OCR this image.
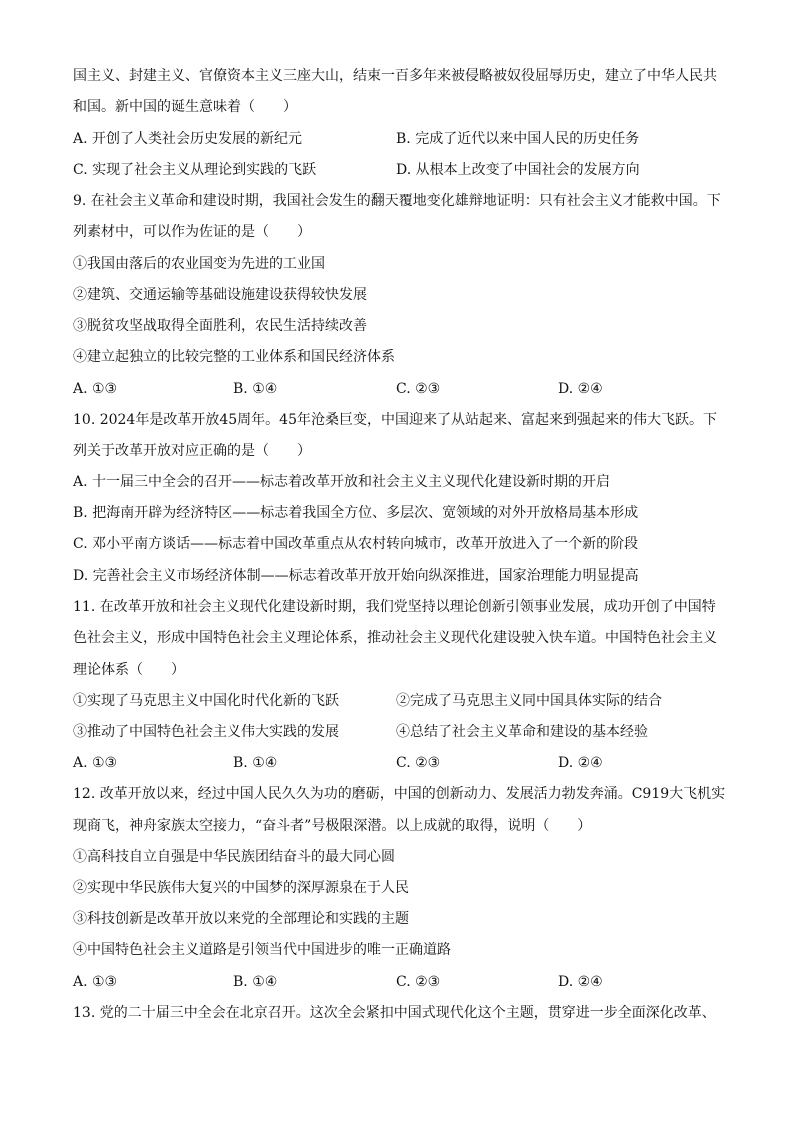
国主义、封建主义、官僚资本主义三座大山，结束一百多年来被侵略被奴役屈辱历史，建立了中华人民共
和国。新中国的诞生意味着（　　）
A. 开创了人类社会历史发展的新纪元	B. 完成了近代以来中国人民的历史任务
C. 实现了社会主义从理论到实践的飞跃	D. 从根本上改变了中国社会的发展方向
9. 在社会主义革命和建设时期，我国社会发生的翻天覆地变化雄辩地证明：只有社会主义才能救中国。下
列素材中，可以作为佐证的是（　　）
①我国由落后的农业国变为先进的工业国
②建筑、交通运输等基础设施建设获得较快发展
③脱贫攻坚战取得全面胜利，农民生活持续改善
④建立起独立的比较完整的工业体系和国民经济体系
A. ①③	B. ①④	C. ②③	D. ②④
10. 2024年是改革开放45周年。45年沧桑巨变，中国迎来了从站起来、富起来到强起来的伟大飞跃。下
列关于改革开放对应正确的是（　　）
A. 十一届三中全会的召开——标志着改革开放和社会主义主义现代化建设新时期的开启
B. 把海南开辟为经济特区——标志着我国全方位、多层次、宽领域的对外开放格局基本形成
C. 邓小平南方谈话——标志着中国改革重点从农村转向城市，改革开放进入了一个新的阶段
D. 完善社会主义市场经济体制——标志着改革开放开始向纵深推进，国家治理能力明显提高
11. 在改革开放和社会主义现代化建设新时期，我们党坚持以理论创新引领事业发展，成功开创了中国特
色社会主义，形成中国特色社会主义理论体系，推动社会主义现代化建设驶入快车道。中国特色社会主义
理论体系（　　）
①实现了马克思主义中国化时代化新的飞跃	②完成了马克思主义同中国具体实际的结合
③推动了中国特色社会主义伟大实践的发展	④总结了社会主义革命和建设的基本经验
A. ①③	B. ①④	C. ②③	D. ②④
12. 改革开放以来，经过中国人民久久为功的磨砺，中国的创新动力、发展活力勃发奔涌。C919大飞机实
现商飞，神舟家族太空接力，“奋斗者”号极限深潜。以上成就的取得，说明（　　）
①高科技自立自强是中华民族团结奋斗的最大同心圆
②实现中华民族伟大复兴的中国梦的深厚源泉在于人民
③科技创新是改革开放以来党的全部理论和实践的主题
④中国特色社会主义道路是引领当代中国进步的唯一正确道路
A. ①③	B. ①④	C. ②③	D. ②④
13. 党的二十届三中全会在北京召开。这次全会紧扣中国式现代化这个主题，贯穿进一步全面深化改革、
